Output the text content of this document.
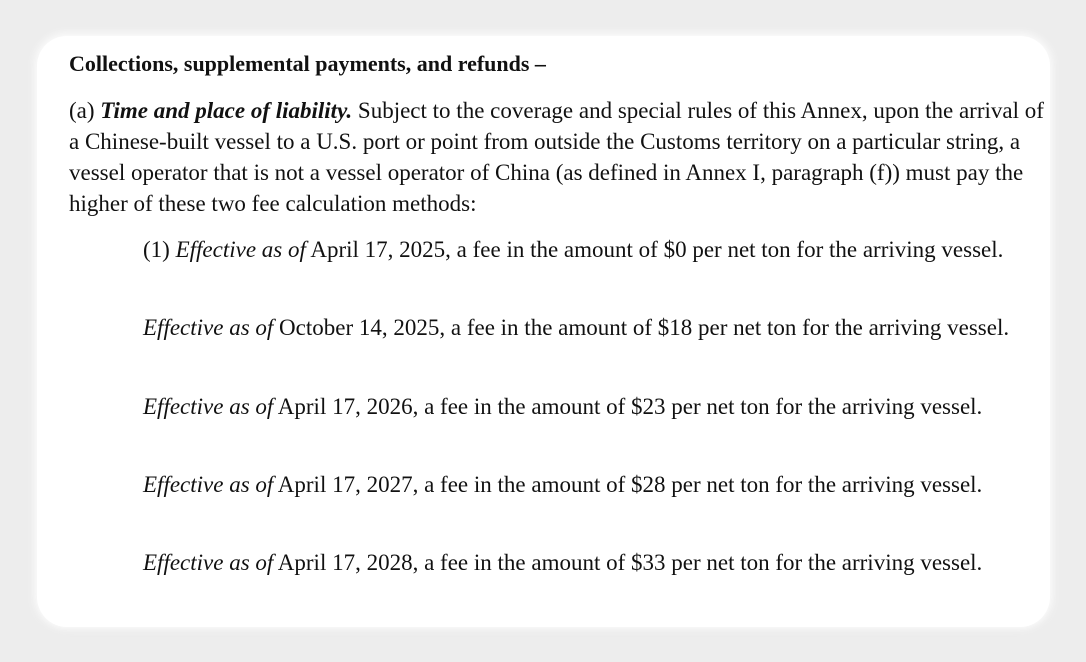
Collections, supplemental payments, and refunds –

(a) Time and place of liability. Subject to the coverage and special rules of this Annex, upon the arrival of a Chinese-built vessel to a U.S. port or point from outside the Customs territory on a particular string, a vessel operator that is not a vessel operator of China (as defined in Annex I, paragraph (f)) must pay the higher of these two fee calculation methods:

(1) Effective as of April 17, 2025, a fee in the amount of $0 per net ton for the arriving vessel.

Effective as of October 14, 2025, a fee in the amount of $18 per net ton for the arriving vessel.

Effective as of April 17, 2026, a fee in the amount of $23 per net ton for the arriving vessel.

Effective as of April 17, 2027, a fee in the amount of $28 per net ton for the arriving vessel.

Effective as of April 17, 2028, a fee in the amount of $33 per net ton for the arriving vessel.
